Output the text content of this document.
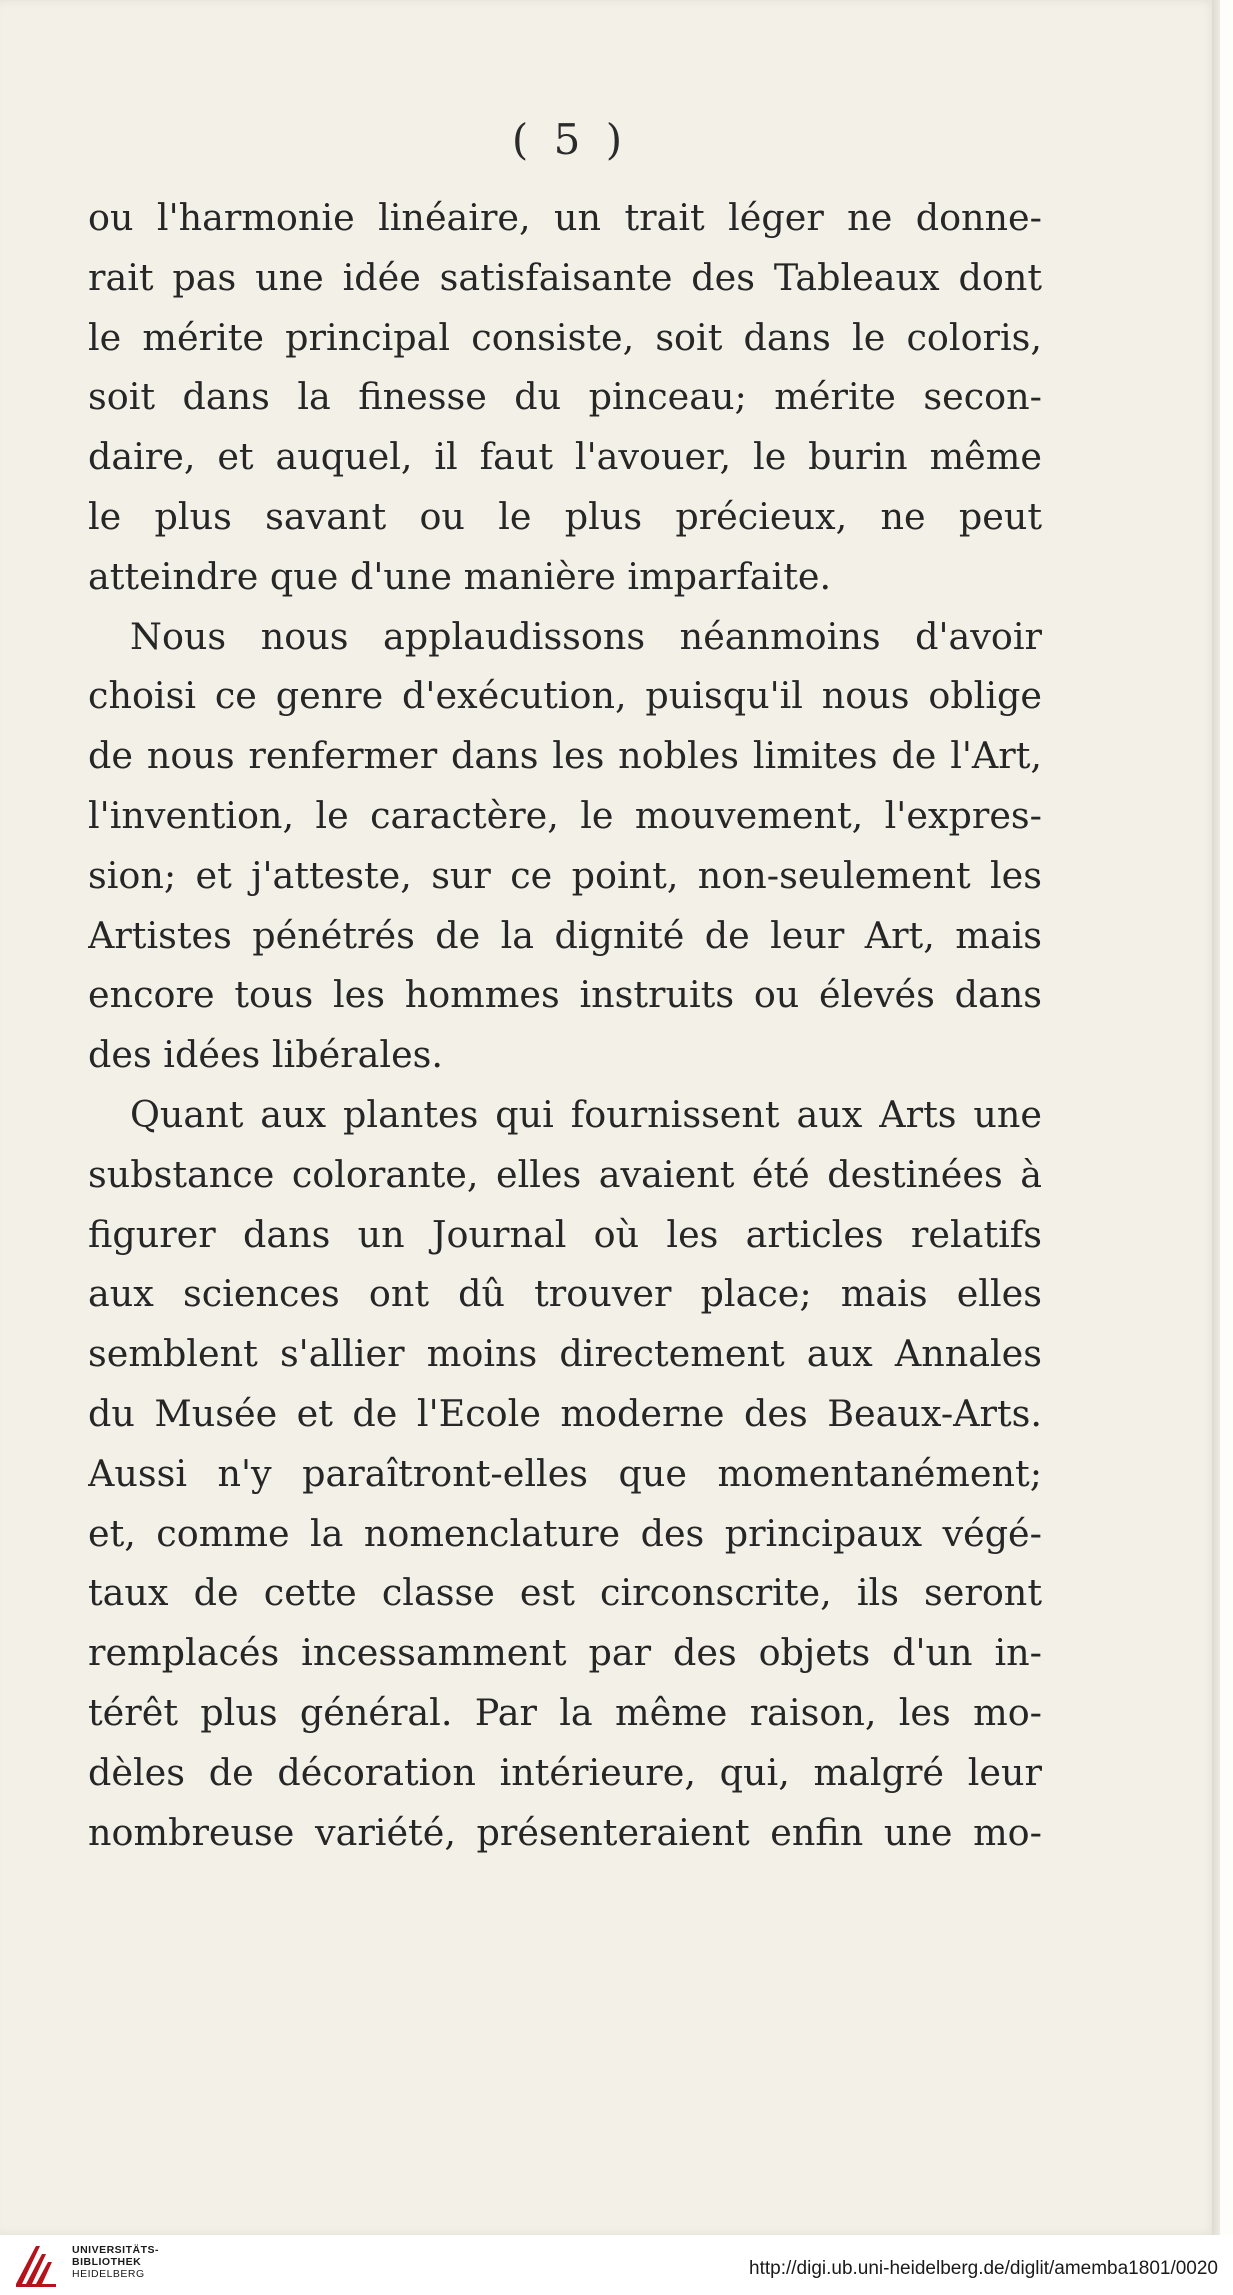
( 5 )
ou l'harmonie linéaire, un trait léger ne donne-
rait pas une idée satisfaisante des Tableaux dont
le mérite principal consiste, soit dans le coloris,
soit dans la finesse du pinceau; mérite secon-
daire, et auquel, il faut l'avouer, le burin même
le plus savant ou le plus précieux, ne peut
atteindre que d'une manière imparfaite.
Nous nous applaudissons néanmoins d'avoir
choisi ce genre d'exécution, puisqu'il nous oblige
de nous renfermer dans les nobles limites de l'Art,
l'invention, le caractère, le mouvement, l'expres-
sion; et j'atteste, sur ce point, non-seulement les
Artistes pénétrés de la dignité de leur Art, mais
encore tous les hommes instruits ou élevés dans
des idées libérales.
Quant aux plantes qui fournissent aux Arts une
substance colorante, elles avaient été destinées à
figurer dans un Journal où les articles relatifs
aux sciences ont dû trouver place; mais elles
semblent s'allier moins directement aux Annales
du Musée et de l'Ecole moderne des Beaux-Arts.
Aussi n'y paraîtront-elles que momentanément;
et, comme la nomenclature des principaux végé-
taux de cette classe est circonscrite, ils seront
remplacés incessamment par des objets d'un in-
térêt plus général. Par la même raison, les mo-
dèles de décoration intérieure, qui, malgré leur
nombreuse variété, présenteraient enfin une mo-
UNIVERSITÄTS-
BIBLIOTHEK
HEIDELBERG	http://digi.ub.uni-heidelberg.de/diglit/amemba1801/0020
